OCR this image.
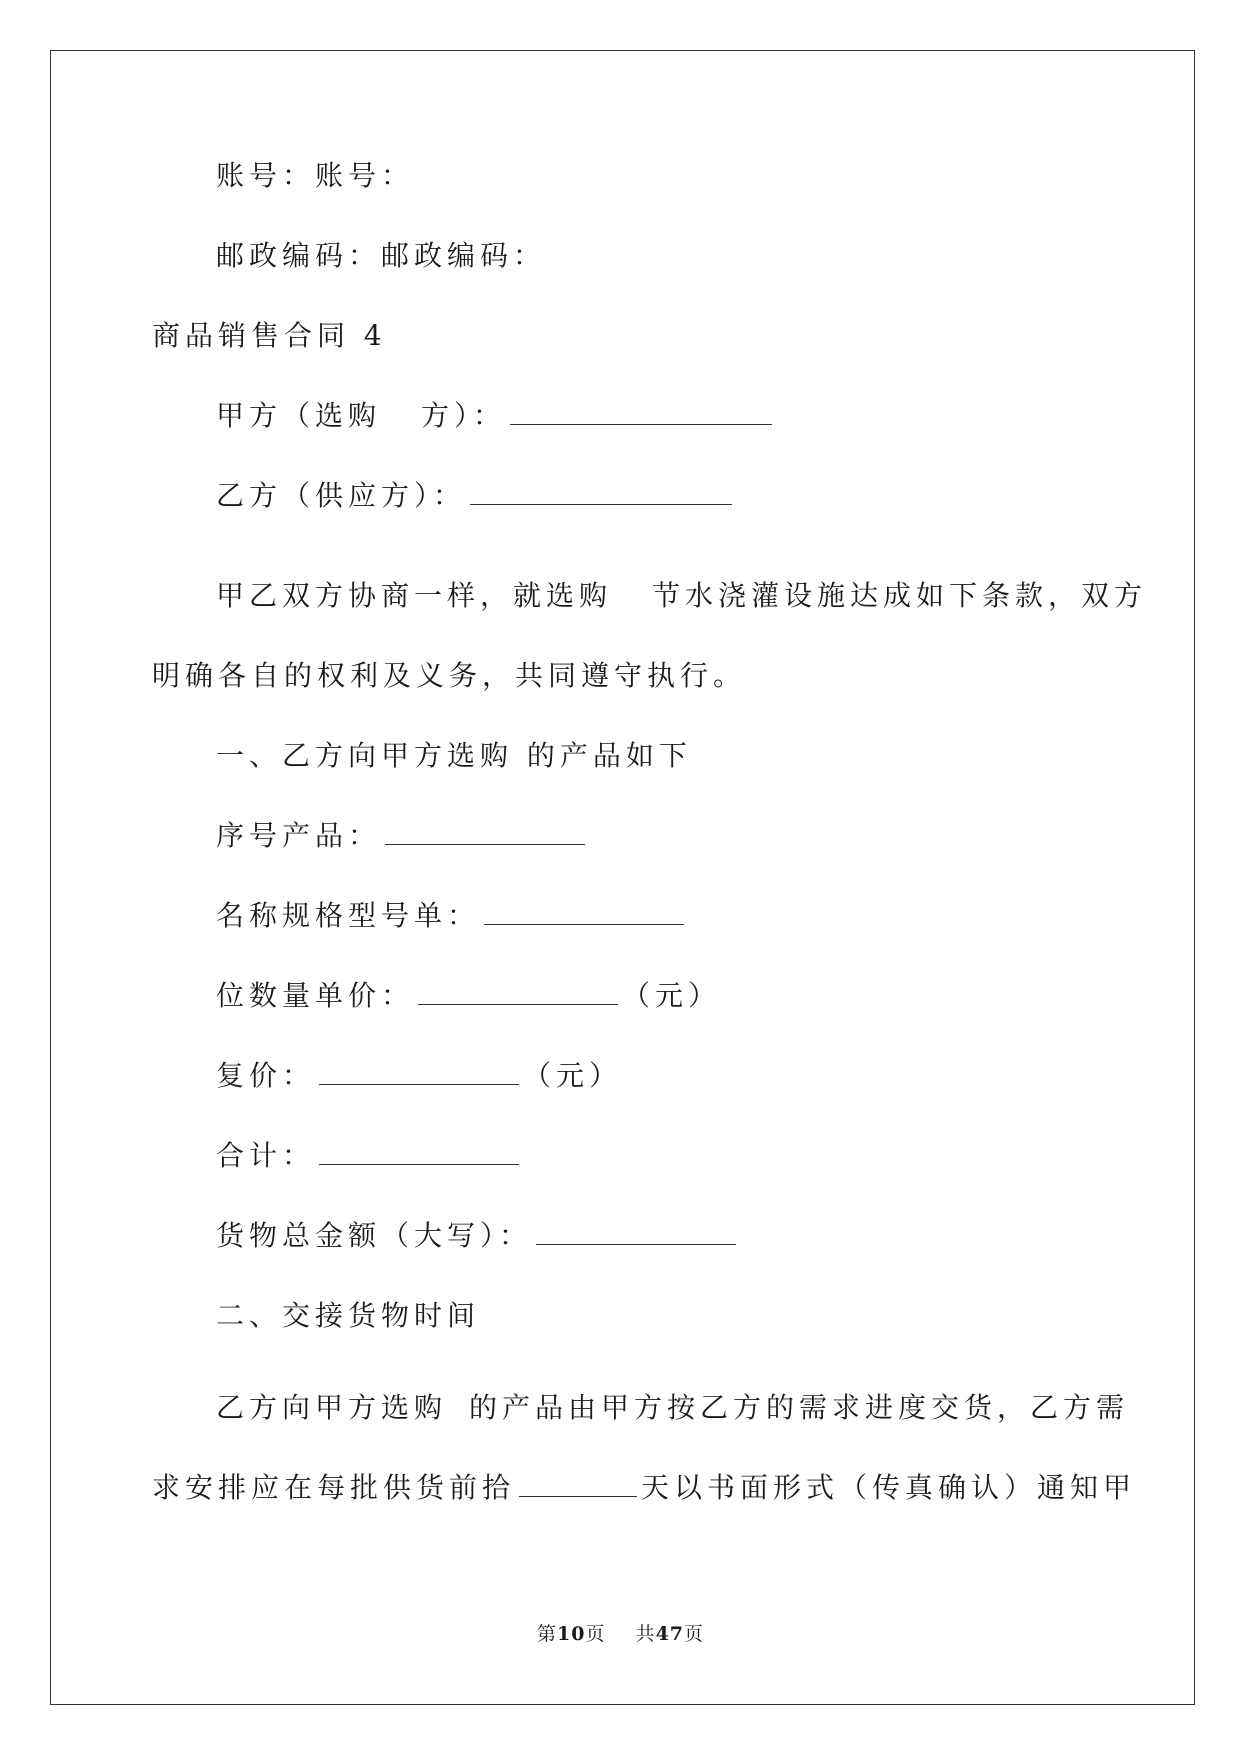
账号：账号：
邮政编码：邮政编码：
商品销售合同 4
甲方（选购 方）：
乙方（供应方）：
甲乙双方协商一样，就选购 节水浇灌设施达成如下条款，双方
明确各自的权利及义务，共同遵守执行。
一、乙方向甲方选购 的产品如下
序号产品：
名称规格型号单：
位数量单价：	（元）
复价：	（元）
合计：
货物总金额（大写）：
二、交接货物时间
乙方向甲方选购 的产品由甲方按乙方的需求进度交货，乙方需
求安排应在每批供货前拾	天以书面形式（传真确认）通知甲
第10页 共47页
